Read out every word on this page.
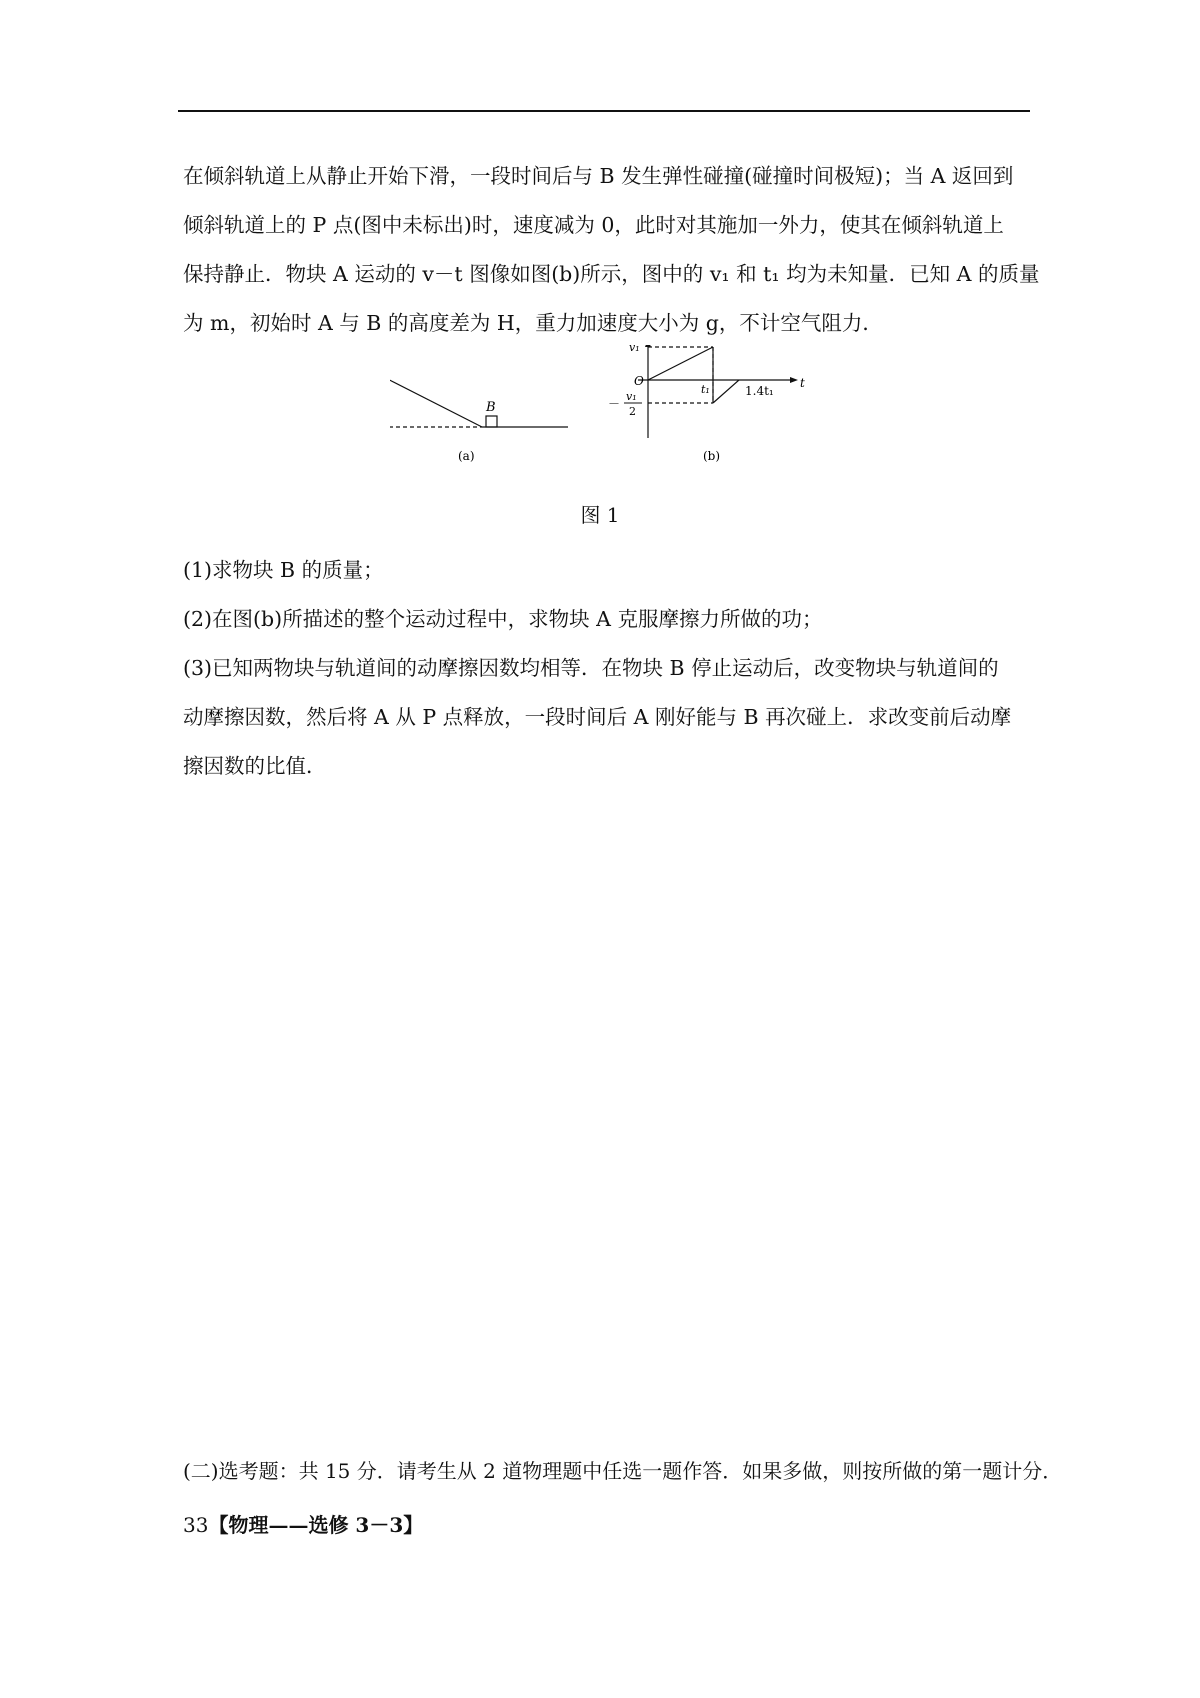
在倾斜轨道上从静止开始下滑，一段时间后与 B 发生弹性碰撞(碰撞时间极短)；当 A 返回到
倾斜轨道上的 P 点(图中未标出)时，速度减为 0，此时对其施加一外力，使其在倾斜轨道上
保持静止．物块 A 运动的 v－t 图像如图(b)所示，图中的 v₁ 和 t₁ 均为未知量．已知 A 的质量
为 m，初始时 A 与 B 的高度差为 H，重力加速度大小为 g，不计空气阻力．
B
(a)
t
O
v₁
t₁	1.4t₁
－
v₁
2
(b)
图 1
(1)求物块 B 的质量；
(2)在图(b)所描述的整个运动过程中，求物块 A 克服摩擦力所做的功；
(3)已知两物块与轨道间的动摩擦因数均相等．在物块 B 停止运动后，改变物块与轨道间的
动摩擦因数，然后将 A 从 P 点释放，一段时间后 A 刚好能与 B 再次碰上．求改变前后动摩
擦因数的比值．
(二)选考题：共 15 分．请考生从 2 道物理题中任选一题作答．如果多做，则按所做的第一题计分．
33【物理——选修 3－3】
